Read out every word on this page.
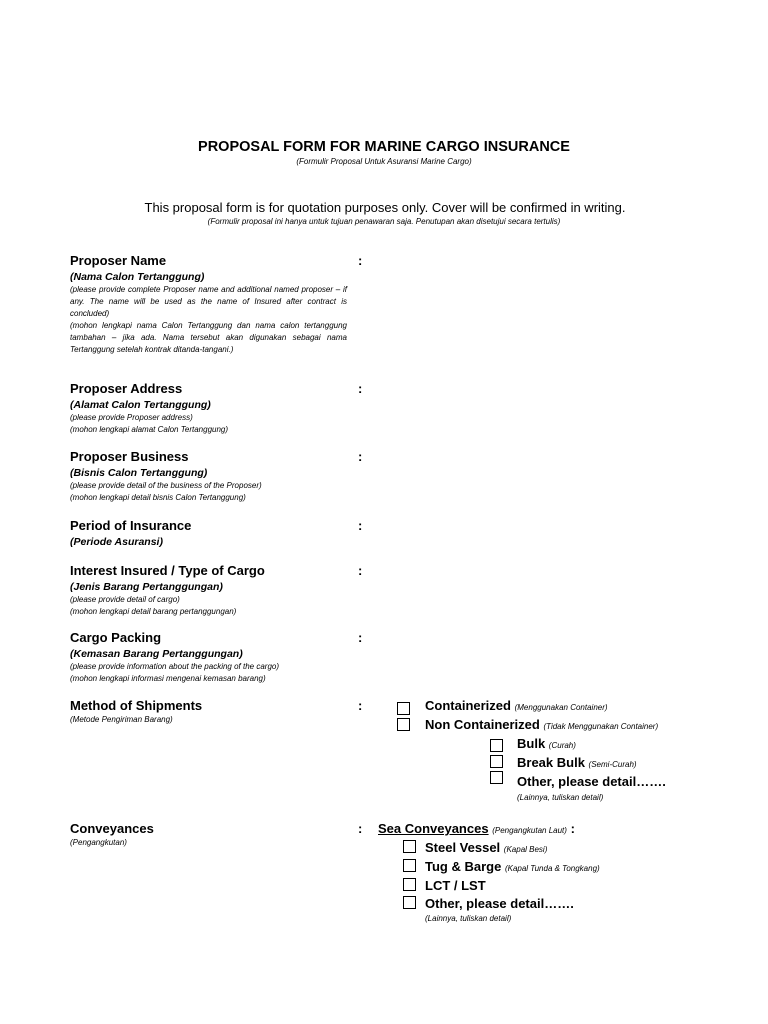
PROPOSAL FORM FOR MARINE CARGO INSURANCE
(Formulir Proposal Untuk Asuransi Marine Cargo)
This proposal form is for quotation purposes only. Cover will be confirmed in writing.
(Formulir proposal ini hanya untuk tujuan penawaran saja. Penutupan akan disetujui secara tertulis)
Proposer Name
(Nama Calon Tertanggung)
(please provide complete Proposer name and additional named proposer – if any. The name will be used as the name of Insured after contract is concluded)
(mohon lengkapi nama Calon Tertanggung dan nama calon tertanggung tambahan – jika ada. Nama tersebut akan digunakan sebagai nama Tertanggung setelah kontrak ditanda-tangani.)
:
Proposer Address
(Alamat Calon Tertanggung)
(please provide Proposer address)
(mohon lengkapi alamat Calon Tertanggung)
:
Proposer Business
(Bisnis Calon Tertanggung)
(please provide detail of the business of the Proposer)
(mohon lengkapi detail bisnis Calon Tertanggung)
:
Period of Insurance
(Periode Asuransi)
:
Interest Insured / Type of Cargo
(Jenis Barang Pertanggungan)
(please provide detail of cargo)
(mohon lengkapi detail barang pertanggungan)
:
Cargo Packing
(Kemasan Barang Pertanggungan)
(please provide information about the packing of the cargo)
(mohon lengkapi informasi mengenai kemasan barang)
:
Method of Shipments
(Metode Pengiriman Barang)
:	Containerized (Menggunakan Container)
Non Containerized (Tidak Menggunakan Container)
Bulk (Curah)
Break Bulk (Semi-Curah)
Other, please detail…….
(Lainnya, tuliskan detail)
Conveyances
(Pengangkutan)
: Sea Conveyances (Pengangkutan Laut) :
Steel Vessel (Kapal Besi)
Tug & Barge (Kapal Tunda & Tongkang)
LCT / LST
Other, please detail…….
(Lainnya, tuliskan detail)
